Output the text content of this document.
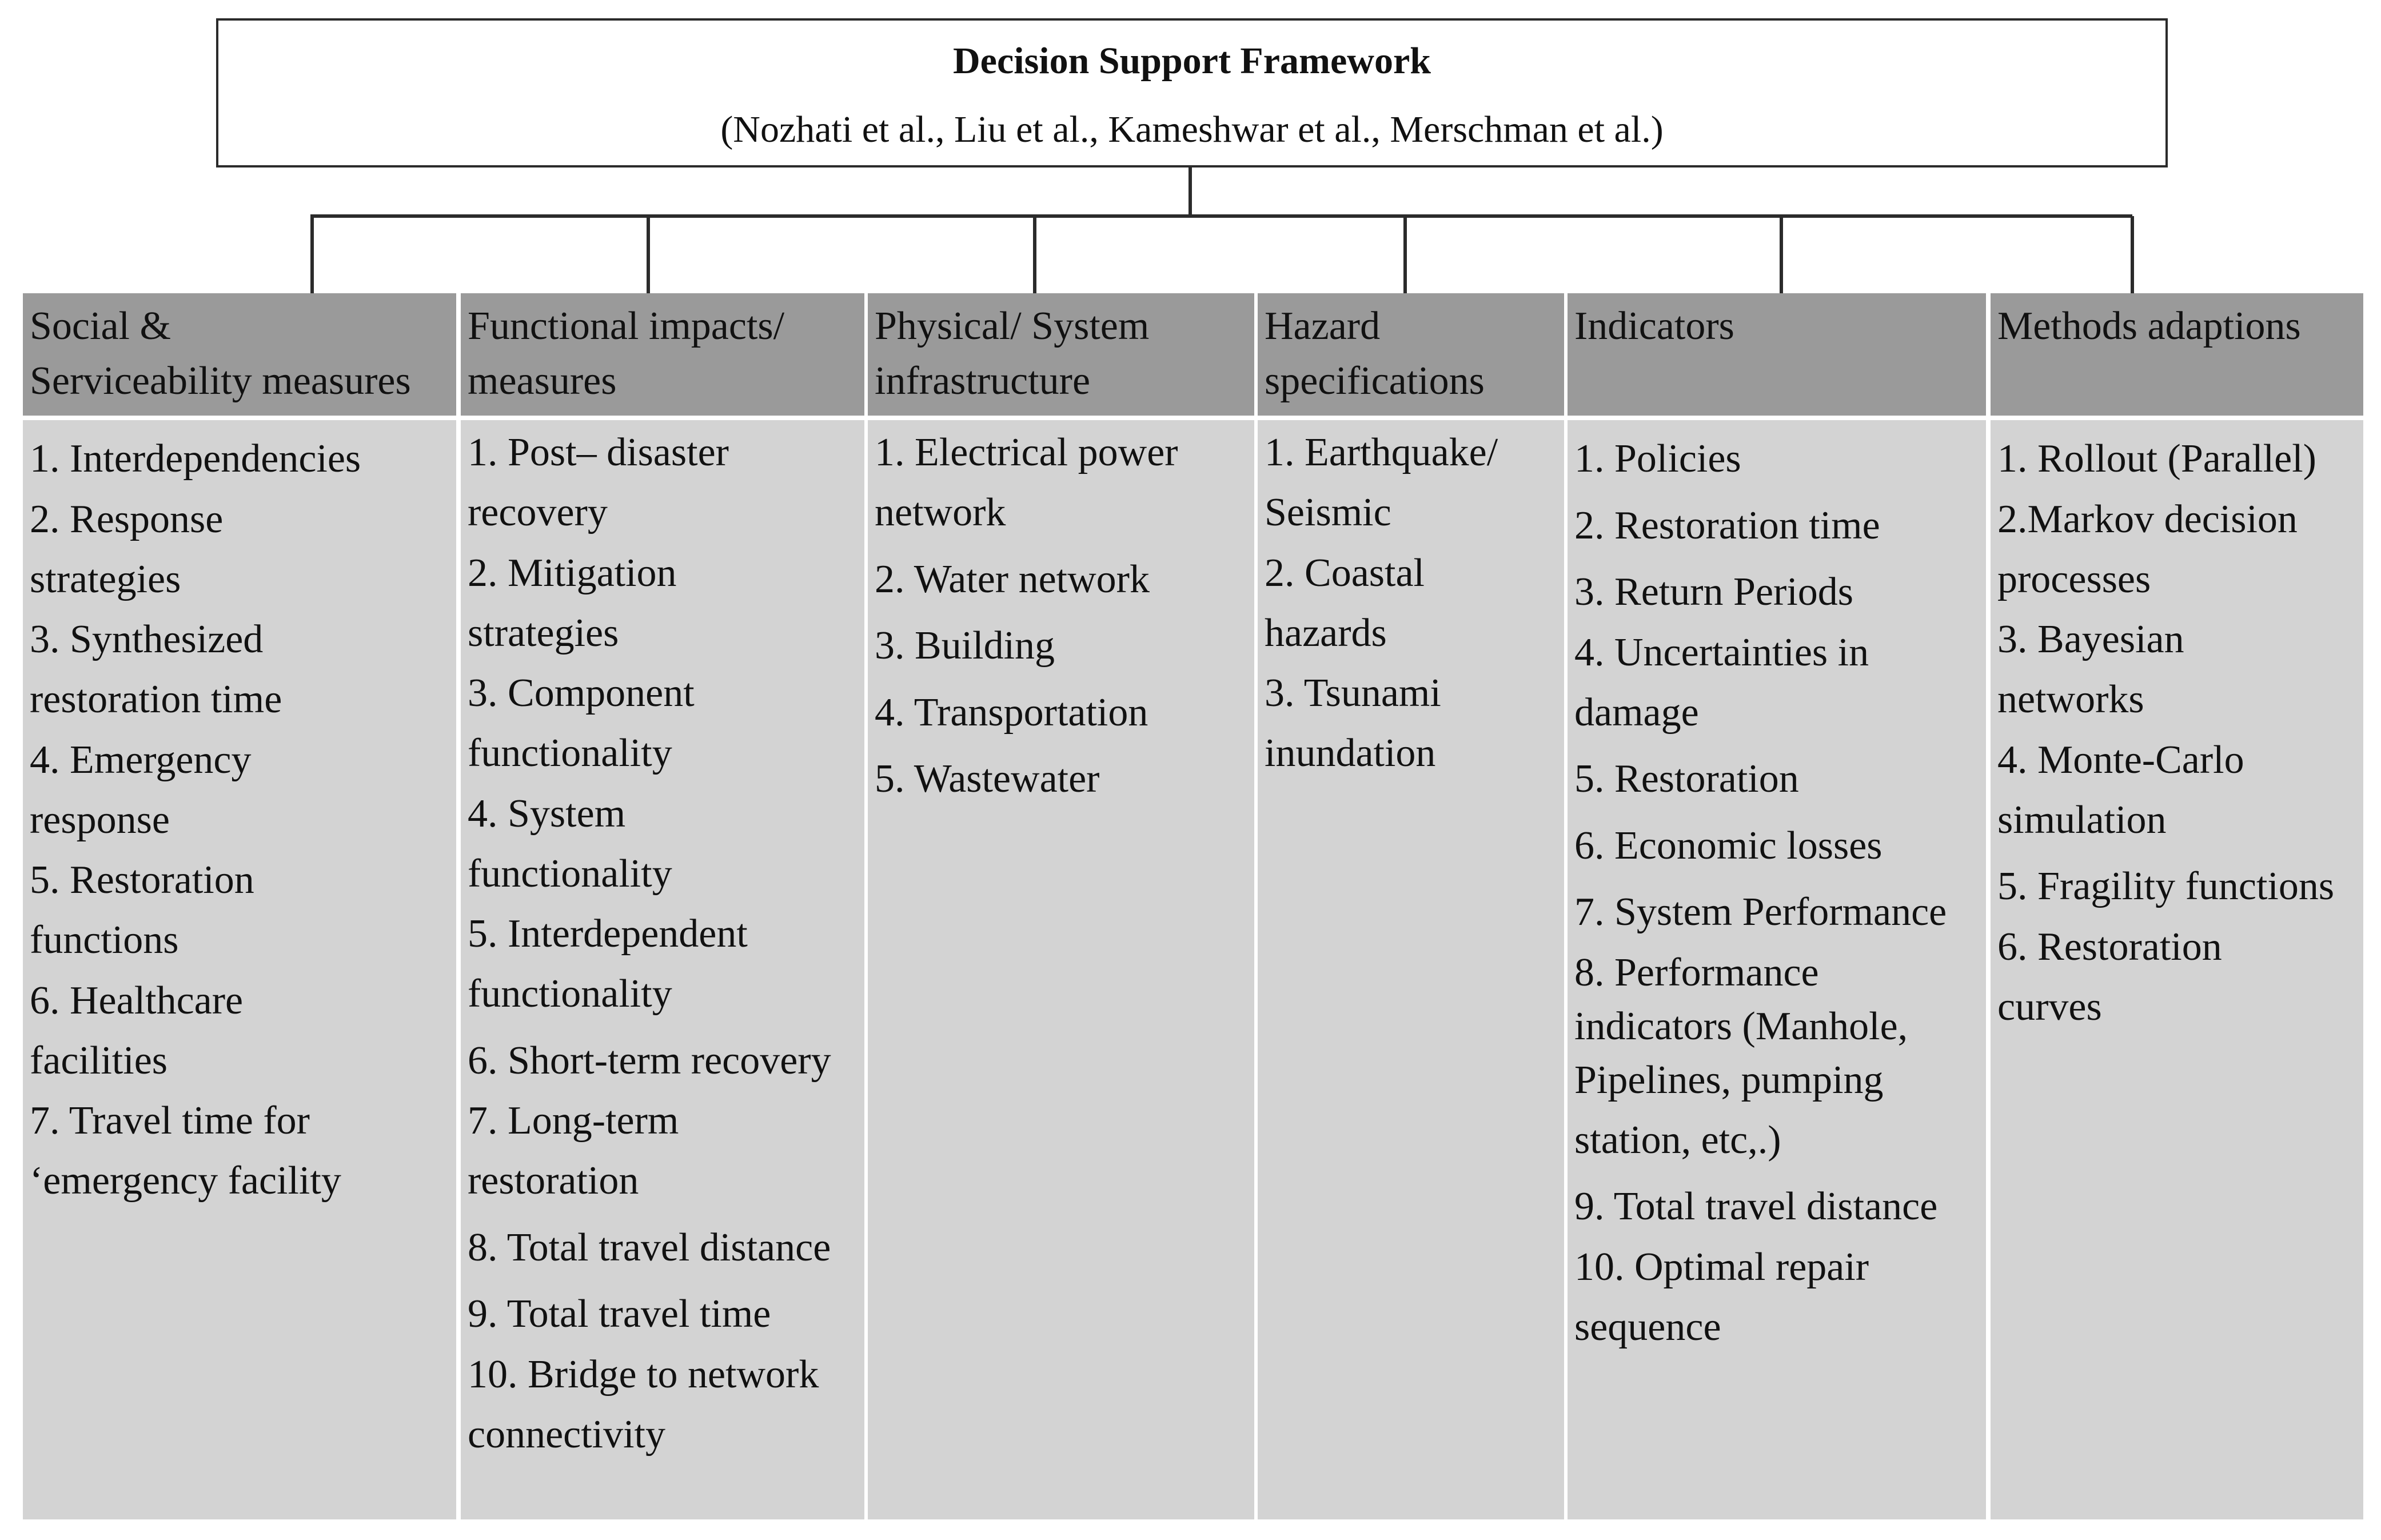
Decision Support Framework
(Nozhati et al., Liu et al., Kameshwar et al., Merschman et al.)
Social &
Serviceability measures
1. Interdependencies
2. Response
strategies
3. Synthesized
restoration time
4. Emergency
response
5. Restoration
functions
6. Healthcare
facilities
7. Travel time for
‘emergency facility
Functional impacts/
measures
1. Post– disaster
recovery
2. Mitigation
strategies
3. Component
functionality
4. System
functionality
5. Interdependent
functionality
6. Short-term recovery
7. Long-term
restoration
8. Total travel distance
9. Total travel time
10. Bridge to network
connectivity
Physical/ System
infrastructure
1. Electrical power
network
2. Water network
3. Building
4. Transportation
5. Wastewater
Hazard
specifications
1. Earthquake/
Seismic
2. Coastal
hazards
3. Tsunami
inundation
Indicators
1. Policies
2. Restoration time
3. Return Periods
4. Uncertainties in
damage
5. Restoration
6. Economic losses
7. System Performance
8. Performance
indicators (Manhole,
Pipelines, pumping
station, etc,.)
9. Total travel distance
10. Optimal repair
sequence
Methods adaptions
1. Rollout (Parallel)
2.Markov decision
processes
3. Bayesian
networks
4. Monte-Carlo
simulation
5. Fragility functions
6. Restoration
curves
